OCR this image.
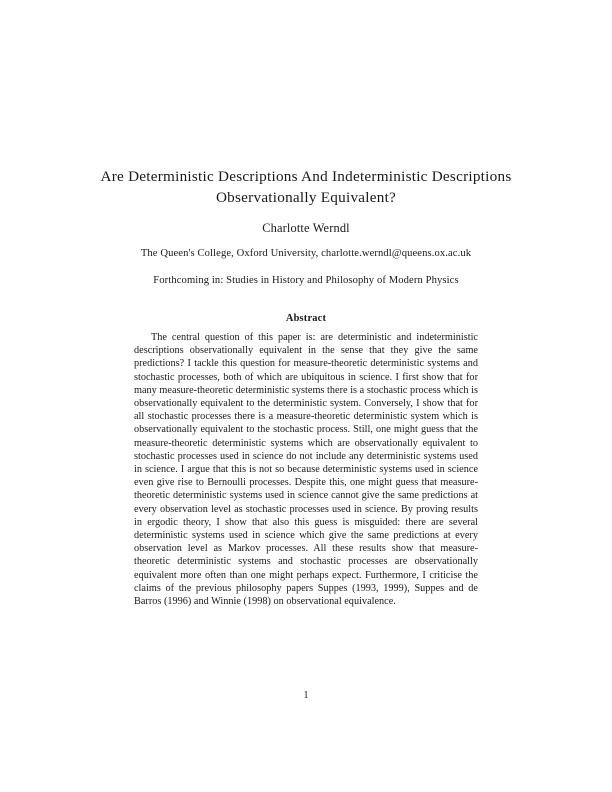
Are Deterministic Descriptions And Indeterministic Descriptions Observationally Equivalent?
Charlotte Werndl
The Queen's College, Oxford University, charlotte.werndl@queens.ox.ac.uk
Forthcoming in: Studies in History and Philosophy of Modern Physics
Abstract

The central question of this paper is: are deterministic and indeterministic descriptions observationally equivalent in the sense that they give the same predictions? I tackle this question for measure-theoretic deterministic systems and stochastic processes, both of which are ubiquitous in science. I first show that for many measure-theoretic deterministic systems there is a stochastic process which is observationally equivalent to the deterministic system. Conversely, I show that for all stochastic processes there is a measure-theoretic deterministic system which is observationally equivalent to the stochastic process. Still, one might guess that the measure-theoretic deterministic systems which are observationally equivalent to stochastic processes used in science do not include any deterministic systems used in science. I argue that this is not so because deterministic systems used in science even give rise to Bernoulli processes. Despite this, one might guess that measure-theoretic deterministic systems used in science cannot give the same predictions at every observation level as stochastic processes used in science. By proving results in ergodic theory, I show that also this guess is misguided: there are several deterministic systems used in science which give the same predictions at every observation level as Markov processes. All these results show that measure-theoretic deterministic systems and stochastic processes are observationally equivalent more often than one might perhaps expect. Furthermore, I criticise the claims of the previous philosophy papers Suppes (1993, 1999), Suppes and de Barros (1996) and Winnie (1998) on observational equivalence.

1
